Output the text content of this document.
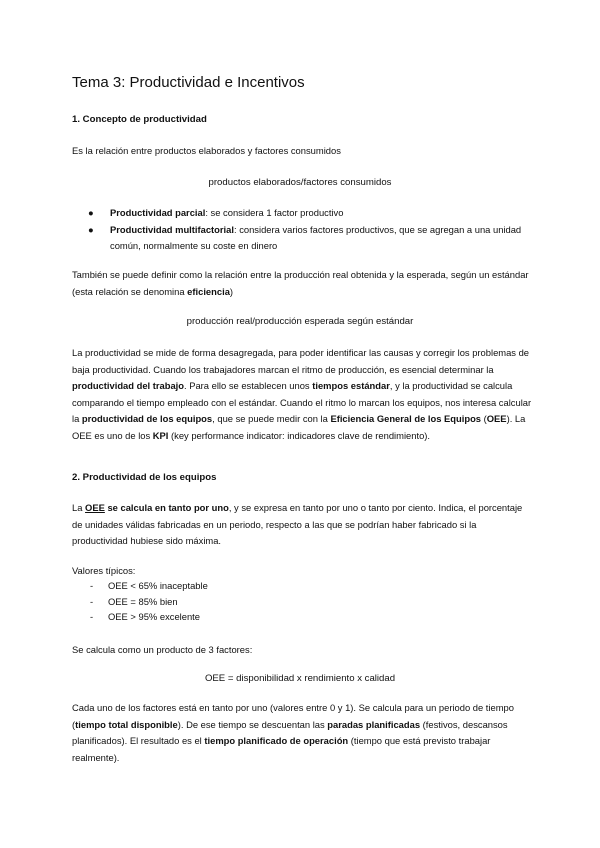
Tema 3: Productividad e Incentivos
1. Concepto de productividad
Es la relación entre productos elaborados y factores consumidos
productos elaborados/factores consumidos
● Productividad parcial: se considera 1 factor productivo
● Productividad multifactorial: considera varios factores productivos, que se agregan a una unidad común, normalmente su coste en dinero
También se puede definir como la relación entre la producción real obtenida y la esperada, según un estándar (esta relación se denomina eficiencia)
producción real/producción esperada según estándar
La productividad se mide de forma desagregada, para poder identificar las causas y corregir los problemas de baja productividad. Cuando los trabajadores marcan el ritmo de producción, es esencial determinar la productividad del trabajo. Para ello se establecen unos tiempos estándar, y la productividad se calcula comparando el tiempo empleado con el estándar. Cuando el ritmo lo marcan los equipos, nos interesa calcular la productividad de los equipos, que se puede medir con la Eficiencia General de los Equipos (OEE). La OEE es uno de los KPI (key performance indicator: indicadores clave de rendimiento).
2. Productividad de los equipos
La OEE se calcula en tanto por uno, y se expresa en tanto por uno o tanto por ciento. Indica, el porcentaje de unidades válidas fabricadas en un periodo, respecto a las que se podrían haber fabricado si la productividad hubiese sido máxima.
Valores típicos:
- OEE < 65% inaceptable
- OEE = 85% bien
- OEE > 95% excelente
Se calcula como un producto de 3 factores:
OEE = disponibilidad x rendimiento x calidad
Cada uno de los factores está en tanto por uno (valores entre 0 y 1). Se calcula para un periodo de tiempo (tiempo total disponible). De ese tiempo se descuentan las paradas planificadas (festivos, descansos planificados). El resultado es el tiempo planificado de operación (tiempo que está previsto trabajar realmente).
